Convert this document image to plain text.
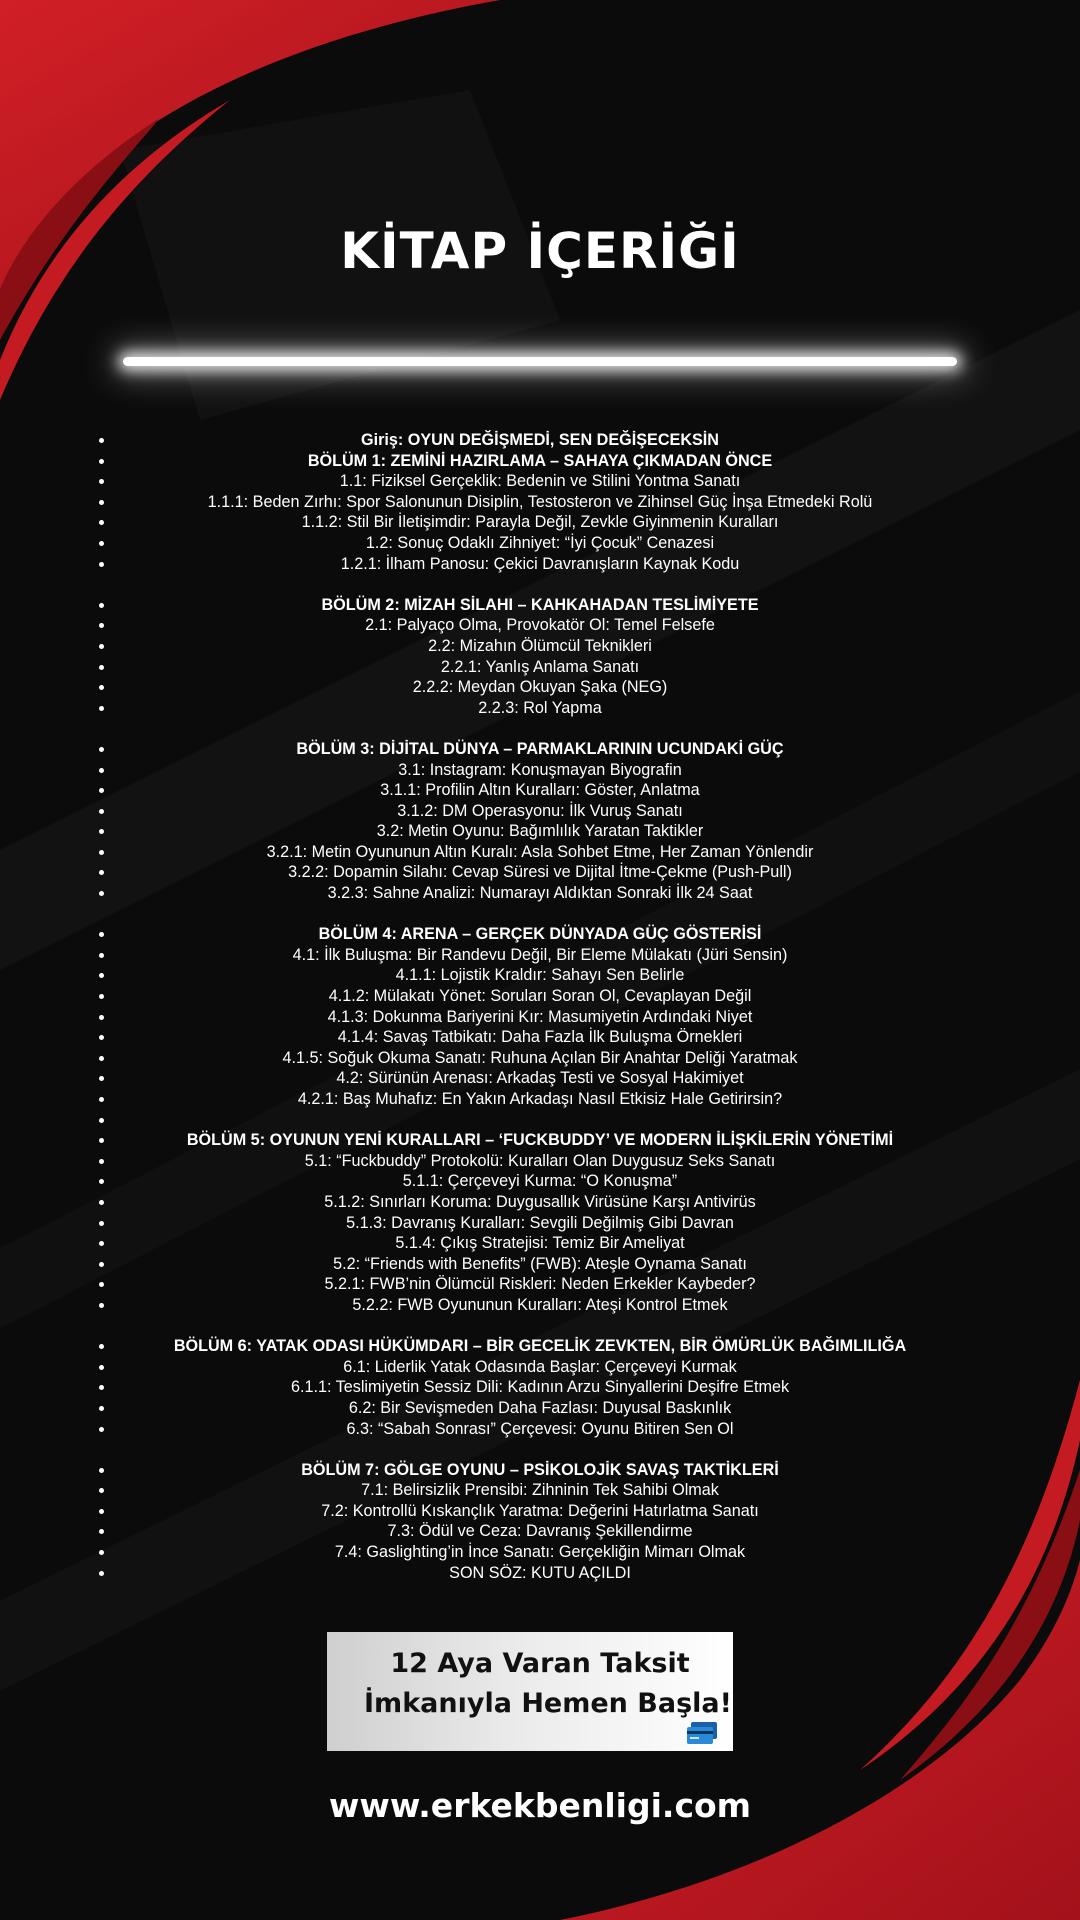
KİTAP İÇERİĞİ
Giriş: OYUN DEĞİŞMEDİ, SEN DEĞİŞECEKSİN
BÖLÜM 1: ZEMİNİ HAZIRLAMA – SAHAYA ÇIKMADAN ÖNCE
1.1: Fiziksel Gerçeklik: Bedenin ve Stilini Yontma Sanatı
1.1.1: Beden Zırhı: Spor Salonunun Disiplin, Testosteron ve Zihinsel Güç İnşa Etmedeki Rolü
1.1.2: Stil Bir İletişimdir: Parayla Değil, Zevkle Giyinmenin Kuralları
1.2: Sonuç Odaklı Zihniyet: “İyi Çocuk” Cenazesi
1.2.1: İlham Panosu: Çekici Davranışların Kaynak Kodu
BÖLÜM 2: MİZAH SİLAHI – KAHKAHADAN TESLİMİYETE
2.1: Palyaço Olma, Provokatör Ol: Temel Felsefe
2.2: Mizahın Ölümcül Teknikleri
2.2.1: Yanlış Anlama Sanatı
2.2.2: Meydan Okuyan Şaka (NEG)
2.2.3: Rol Yapma
BÖLÜM 3: DİJİTAL DÜNYA – PARMAKLARININ UCUNDAKİ GÜÇ
3.1: Instagram: Konuşmayan Biyografin
3.1.1: Profilin Altın Kuralları: Göster, Anlatma
3.1.2: DM Operasyonu: İlk Vuruş Sanatı
3.2: Metin Oyunu: Bağımlılık Yaratan Taktikler
3.2.1: Metin Oyununun Altın Kuralı: Asla Sohbet Etme, Her Zaman Yönlendir
3.2.2: Dopamin Silahı: Cevap Süresi ve Dijital İtme-Çekme (Push-Pull)
3.2.3: Sahne Analizi: Numarayı Aldıktan Sonraki İlk 24 Saat
BÖLÜM 4: ARENA – GERÇEK DÜNYADA GÜÇ GÖSTERİSİ
4.1: İlk Buluşma: Bir Randevu Değil, Bir Eleme Mülakatı (Jüri Sensin)
4.1.1: Lojistik Kraldır: Sahayı Sen Belirle
4.1.2: Mülakatı Yönet: Soruları Soran Ol, Cevaplayan Değil
4.1.3: Dokunma Bariyerini Kır: Masumiyetin Ardındaki Niyet
4.1.4: Savaş Tatbikatı: Daha Fazla İlk Buluşma Örnekleri
4.1.5: Soğuk Okuma Sanatı: Ruhuna Açılan Bir Anahtar Deliği Yaratmak
4.2: Sürünün Arenası: Arkadaş Testi ve Sosyal Hakimiyet
4.2.1: Baş Muhafız: En Yakın Arkadaşı Nasıl Etkisiz Hale Getirirsin?
BÖLÜM 5: OYUNUN YENİ KURALLARI – ‘FUCKBUDDY’ VE MODERN İLİŞKİLERİN YÖNETİMİ
5.1: “Fuckbuddy” Protokolü: Kuralları Olan Duygusuz Seks Sanatı
5.1.1: Çerçeveyi Kurma: “O Konuşma”
5.1.2: Sınırları Koruma: Duygusallık Virüsüne Karşı Antivirüs
5.1.3: Davranış Kuralları: Sevgili Değilmiş Gibi Davran
5.1.4: Çıkış Stratejisi: Temiz Bir Ameliyat
5.2: “Friends with Benefits” (FWB): Ateşle Oynama Sanatı
5.2.1: FWB’nin Ölümcül Riskleri: Neden Erkekler Kaybeder?
5.2.2: FWB Oyununun Kuralları: Ateşi Kontrol Etmek
BÖLÜM 6: YATAK ODASI HÜKÜMDARI – BİR GECELİK ZEVKTEN, BİR ÖMÜRLÜK BAĞIMLILIĞA
6.1: Liderlik Yatak Odasında Başlar: Çerçeveyi Kurmak
6.1.1: Teslimiyetin Sessiz Dili: Kadının Arzu Sinyallerini Deşifre Etmek
6.2: Bir Sevişmeden Daha Fazlası: Duyusal Baskınlık
6.3: “Sabah Sonrası” Çerçevesi: Oyunu Bitiren Sen Ol
BÖLÜM 7: GÖLGE OYUNU – PSİKOLOJİK SAVAŞ TAKTİKLERİ
7.1: Belirsizlik Prensibi: Zihninin Tek Sahibi Olmak
7.2: Kontrollü Kıskançlık Yaratma: Değerini Hatırlatma Sanatı
7.3: Ödül ve Ceza: Davranış Şekillendirme
7.4: Gaslighting’in İnce Sanatı: Gerçekliğin Mimarı Olmak
SON SÖZ: KUTU AÇILDI
12 Aya Varan Taksit
İmkanıyla Hemen Başla!
www.erkekbenligi.com
